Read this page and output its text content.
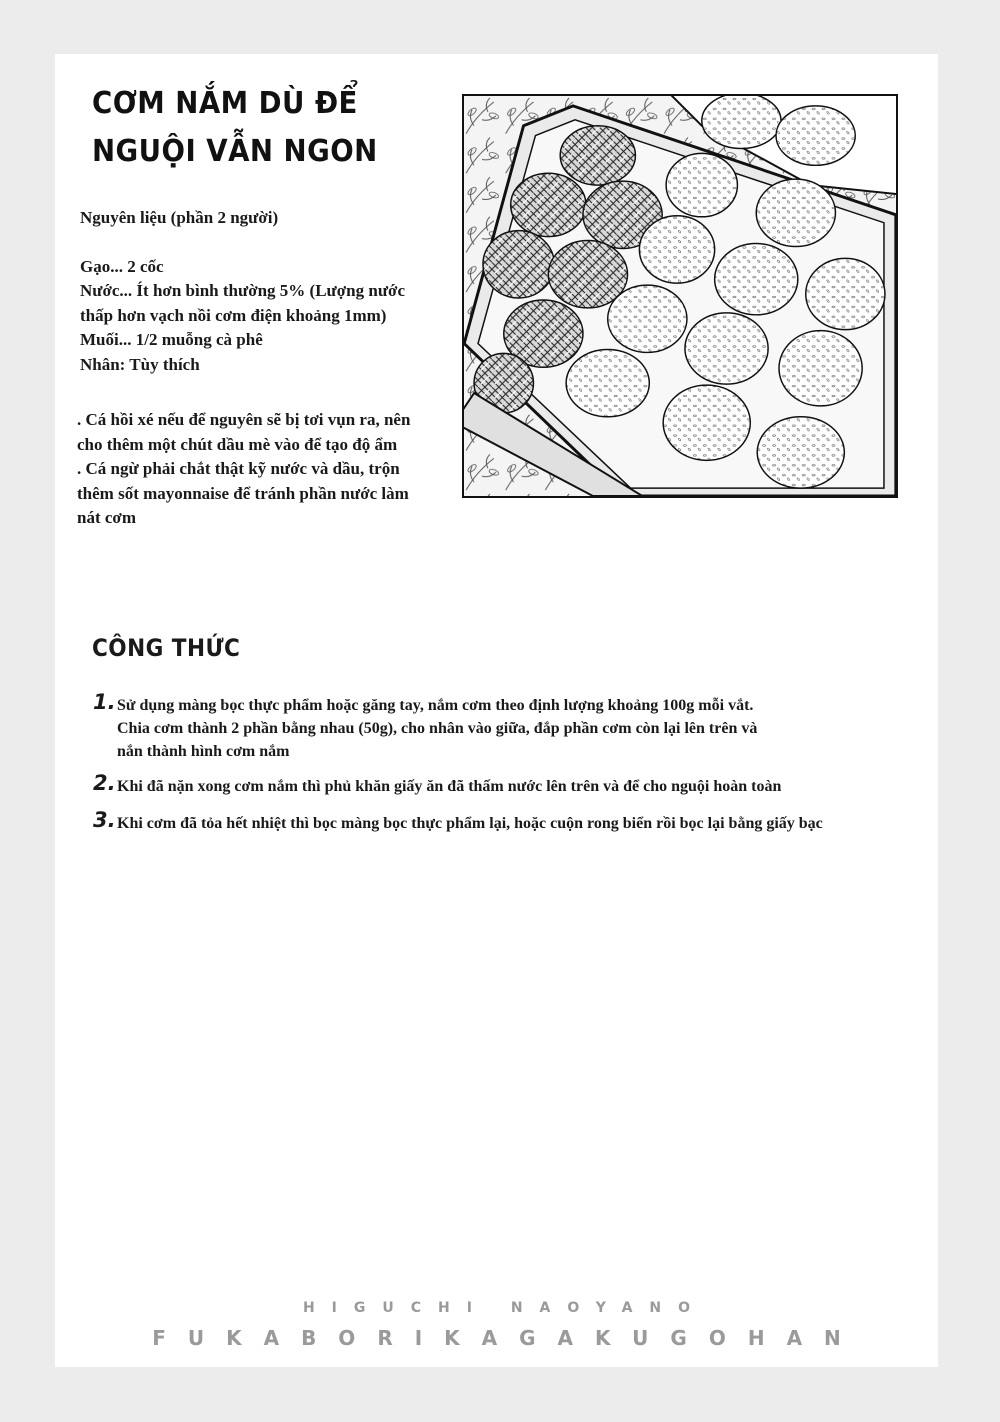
CƠM NẮM DÙ ĐỂ
NGUỘI VẪN NGON
Nguyên liệu (phần 2 người)
Gạo... 2 cốc
Nước... Ít hơn bình thường 5% (Lượng nước
thấp hơn vạch nồi cơm điện khoảng 1mm)
Muối... 1/2 muỗng cà phê
Nhân: Tùy thích
. Cá hồi xé nếu để nguyên sẽ bị tơi vụn ra, nên
cho thêm một chút dầu mè vào để tạo độ ẩm
. Cá ngừ phải chắt thật kỹ nước và dầu, trộn
thêm sốt mayonnaise để tránh phần nước làm
nát cơm
CÔNG THỨC
1. Sử dụng màng bọc thực phẩm hoặc găng tay, nắm cơm theo định lượng khoảng 100g mỗi vắt.
Chia cơm thành 2 phần bằng nhau (50g), cho nhân vào giữa, đắp phần cơm còn lại lên trên và
nắn thành hình cơm nắm
2. Khi đã nặn xong cơm nắm thì phủ khăn giấy ăn đã thấm nước lên trên và để cho nguội hoàn toàn
3. Khi cơm đã tỏa hết nhiệt thì bọc màng bọc thực phẩm lại, hoặc cuộn rong biển rồi bọc lại bằng giấy bạc
HIGUCHI NAOYANO
FUKABORIKAGAKUGOHAN
